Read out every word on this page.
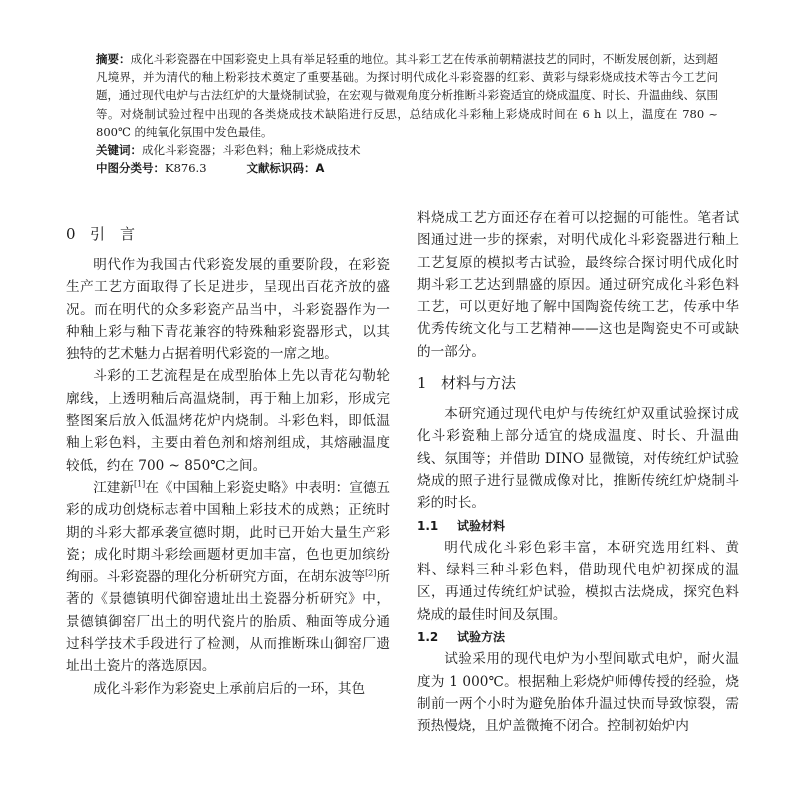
摘要：成化斗彩瓷器在中国彩瓷史上具有举足轻重的地位。其斗彩工艺在传承前朝精湛技艺的同时，不断发展创新，达到超凡境界，并为清代的釉上粉彩技术奠定了重要基础。为探讨明代成化斗彩瓷器的红彩、黄彩与绿彩烧成技术等古今工艺问题，通过现代电炉与古法红炉的大量烧制试验，在宏观与微观角度分析推断斗彩瓷适宜的烧成温度、时长、升温曲线、氛围等。对烧制试验过程中出现的各类烧成技术缺陷进行反思，总结成化斗彩釉上彩烧成时间在 6 h 以上，温度在 780 ~ 800℃ 的纯氧化氛围中发色最佳。
关键词：成化斗彩瓷器；斗彩色料；釉上彩烧成技术
中图分类号：K876.3	文献标识码：A
0 引　言

明代作为我国古代彩瓷发展的重要阶段，在彩瓷生产工艺方面取得了长足进步，呈现出百花齐放的盛况。而在明代的众多彩瓷产品当中，斗彩瓷器作为一种釉上彩与釉下青花兼容的特殊釉彩瓷器形式，以其独特的艺术魅力占据着明代彩瓷的一席之地。

斗彩的工艺流程是在成型胎体上先以青花勾勒轮廓线，上透明釉后高温烧制，再于釉上加彩，形成完整图案后放入低温烤花炉内烧制。斗彩色料，即低温釉上彩色料，主要由着色剂和熔剂组成，其熔融温度较低，约在 700 ~ 850℃之间。

江建新[1]在《中国釉上彩瓷史略》中表明：宣德五彩的成功创烧标志着中国釉上彩技术的成熟；正统时期的斗彩大都承袭宣德时期，此时已开始大量生产彩瓷；成化时期斗彩绘画题材更加丰富，色也更加缤纷绚丽。斗彩瓷器的理化分析研究方面，在胡东波等[2]所著的《景德镇明代御窑遗址出土瓷器分析研究》中，景德镇御窑厂出土的明代瓷片的胎质、釉面等成分通过科学技术手段进行了检测，从而推断珠山御窑厂遗址出土瓷片的落选原因。

成化斗彩作为彩瓷史上承前启后的一环，其色

料烧成工艺方面还存在着可以挖掘的可能性。笔者试图通过进一步的探索，对明代成化斗彩瓷器进行釉上工艺复原的模拟考古试验，最终综合探讨明代成化时期斗彩工艺达到鼎盛的原因。通过研究成化斗彩色料工艺，可以更好地了解中国陶瓷传统工艺，传承中华优秀传统文化与工艺精神——这也是陶瓷史不可或缺的一部分。

1 材料与方法

本研究通过现代电炉与传统红炉双重试验探讨成化斗彩瓷釉上部分适宜的烧成温度、时长、升温曲线、氛围等；并借助 DINO 显微镜，对传统红炉试验烧成的照子进行显微成像对比，推断传统红炉烧制斗彩的时长。

1.1 试验材料

明代成化斗彩色彩丰富，本研究选用红料、黄料、绿料三种斗彩色料，借助现代电炉初探成的温区，再通过传统红炉试验，模拟古法烧成，探究色料烧成的最佳时间及氛围。

1.2 试验方法

试验采用的现代电炉为小型间歇式电炉，耐火温度为 1 000℃。根据釉上彩烧炉师傅传授的经验，烧制前一两个小时为避免胎体升温过快而导致惊裂，需预热慢烧，且炉盖微掩不闭合。控制初始炉内
